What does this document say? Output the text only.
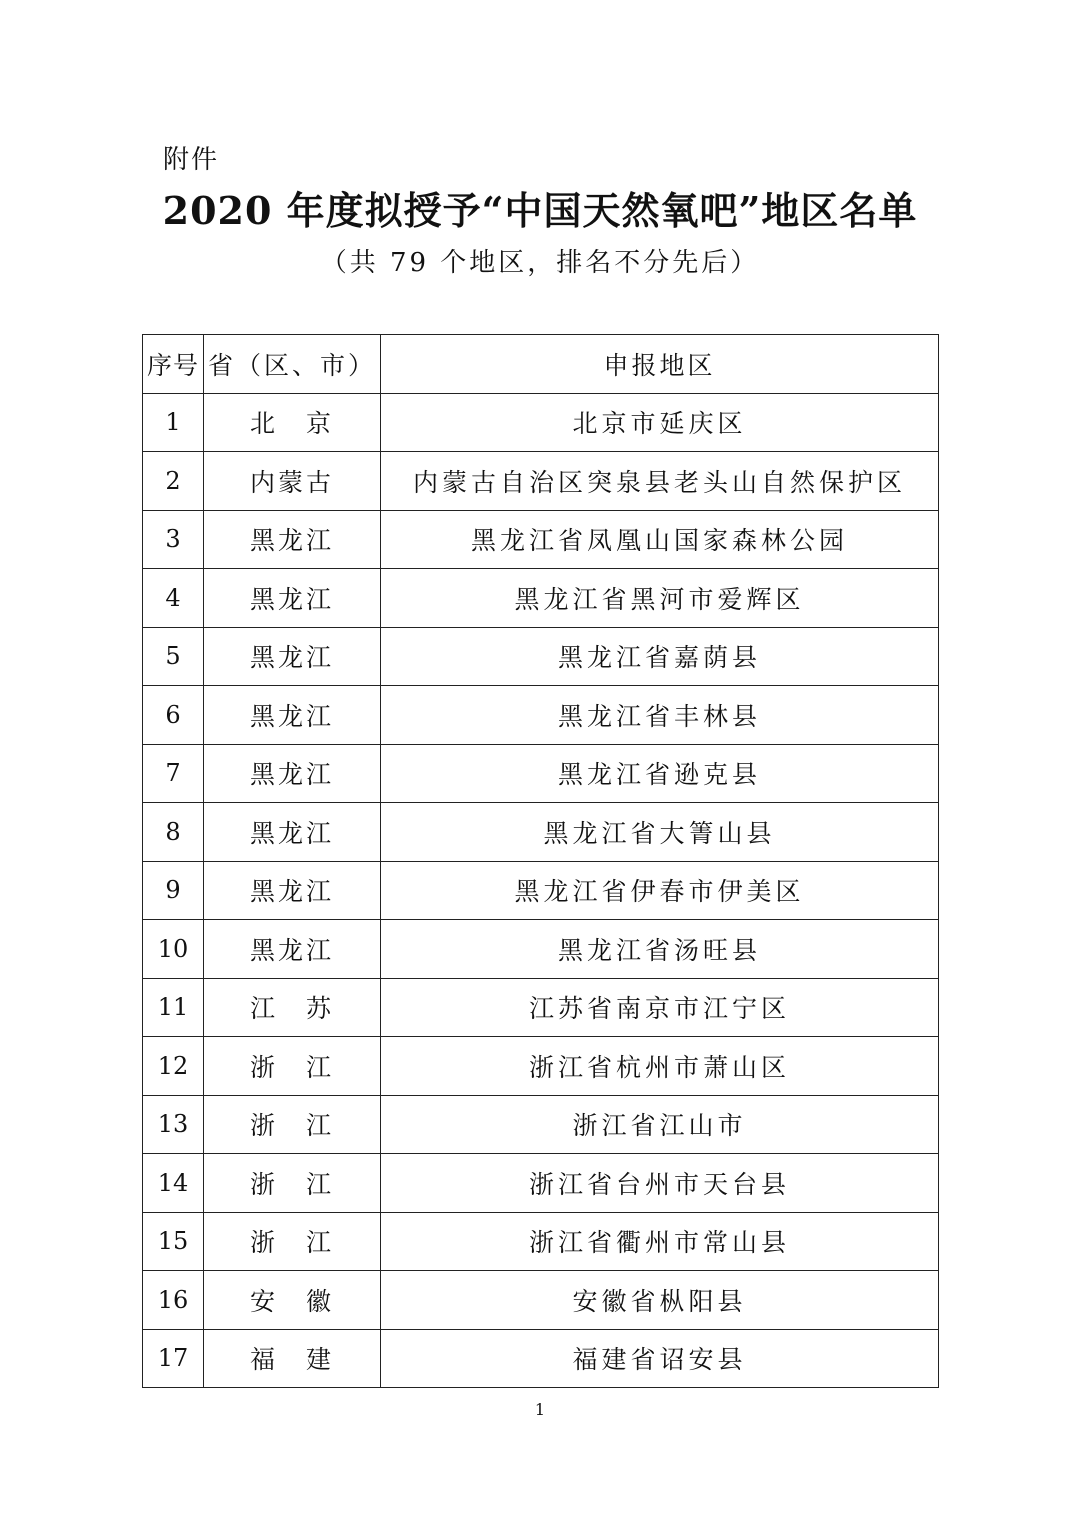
附件
2020 年度拟授予“中国天然氧吧”地区名单
（共 79 个地区，排名不分先后）
序号	省（区、市）	申报地区
1	北　京	北京市延庆区
2	内蒙古	内蒙古自治区突泉县老头山自然保护区
3	黑龙江	黑龙江省凤凰山国家森林公园
4	黑龙江	黑龙江省黑河市爱辉区
5	黑龙江	黑龙江省嘉荫县
6	黑龙江	黑龙江省丰林县
7	黑龙江	黑龙江省逊克县
8	黑龙江	黑龙江省大箐山县
9	黑龙江	黑龙江省伊春市伊美区
10	黑龙江	黑龙江省汤旺县
11	江　苏	江苏省南京市江宁区
12	浙　江	浙江省杭州市萧山区
13	浙　江	浙江省江山市
14	浙　江	浙江省台州市天台县
15	浙　江	浙江省衢州市常山县
16	安　徽	安徽省枞阳县
17	福　建	福建省诏安县
1
